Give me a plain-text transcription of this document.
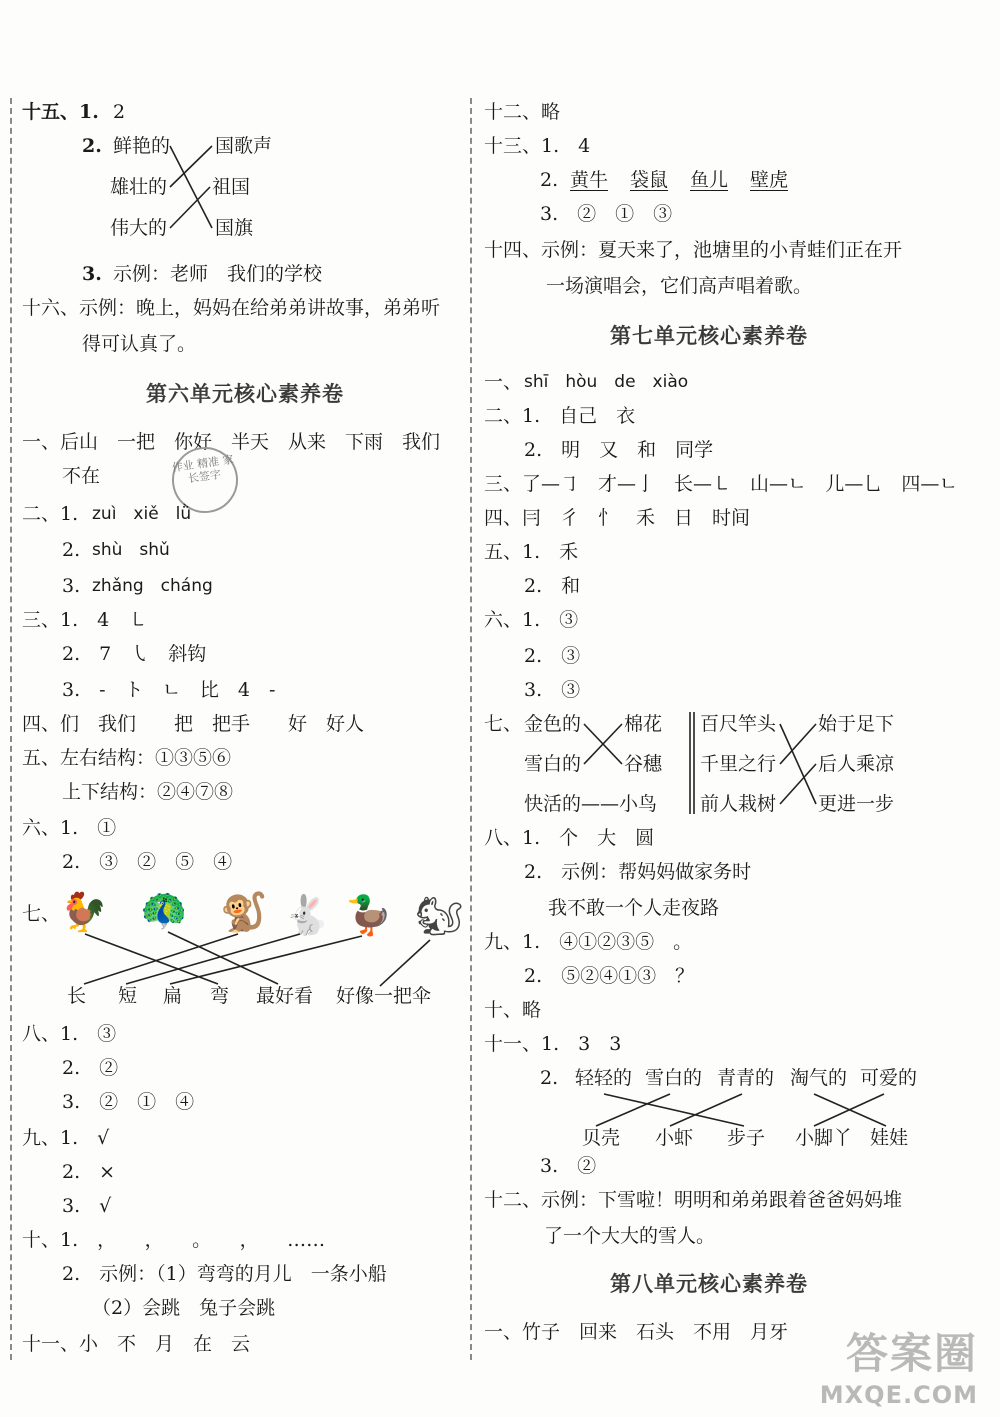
十五、1. 2
2. 鲜艳的
雄壮的
伟大的
国歌声
祖国
国旗
3. 示例：老师　我们的学校
十六、示例：晚上，妈妈在给弟弟讲故事，弟弟听
得可认真了。
第六单元核心素养卷
一、后山　一把　你好　半天　从来　下雨　我们
不在
作业 精准 家长签字
二、1. zuì　xiě　lǜ
2. shù　shǔ
3. zhǎng　cháng
三、1.　4　㇄
2.　7　㇂　斜钩
3.　-　ト　ㄴ　比　4　-
四、们　我们　　把　把手　　好　好人
五、左右结构：①③⑤⑥
上下结构：②④⑦⑧
六、1.　①
2.　③　②　⑤　④
七、 🐓 🦚 🐒 🐇 🦆 🐿
长 短 扁 弯 最好看 好像一把伞
八、1.　③
2.　②
3.　②　①　④
九、1.　√
2.　×
3.　√
十、1.　，　　，　　。　　，　　……
2.　示例：（1）弯弯的月儿　一条小船
（2）会跳　兔子会跳
十一、小　不　月　在　云
十二、略
十三、1.　4
2. 黄牛 袋鼠 鱼儿 壁虎
3.　②　①　③
十四、示例：夏天来了，池塘里的小青蛙们正在开
一场演唱会，它们高声唱着歌。
第七单元核心素养卷
一、 shī　hòu　de　xiào
二、1.　自己　衣
2.　明　又　和　同学
三、了—㇆　才—亅　长—㇄　山—ㄴ　儿—乚　四—ㄴ
四、冃　彳　忄　禾　日　时间
五、1.　禾
2.　和
六、1.　③
2.　③
3.　③
七、 金色的
雪白的
快活的——小鸟
棉花
谷穗
百尺竿头
千里之行
前人栽树
始于足下
后人乘凉
更进一步
八、1.　个　大　圆
2.　示例：帮妈妈做家务时
我不敢一个人走夜路
九、1.　④①②③⑤　。
2.　⑤②④①③　？
十、略
十一、1.　3　3
2. 轻轻的 雪白的 青青的 淘气的 可爱的
贝壳 小虾 步子 小脚丫 娃娃
3.　②
十二、示例：下雪啦！明明和弟弟跟着爸爸妈妈堆
了一个大大的雪人。
第八单元核心素养卷
一、竹子　回来　石头　不用　月牙	答案圈
MXQE.COM
